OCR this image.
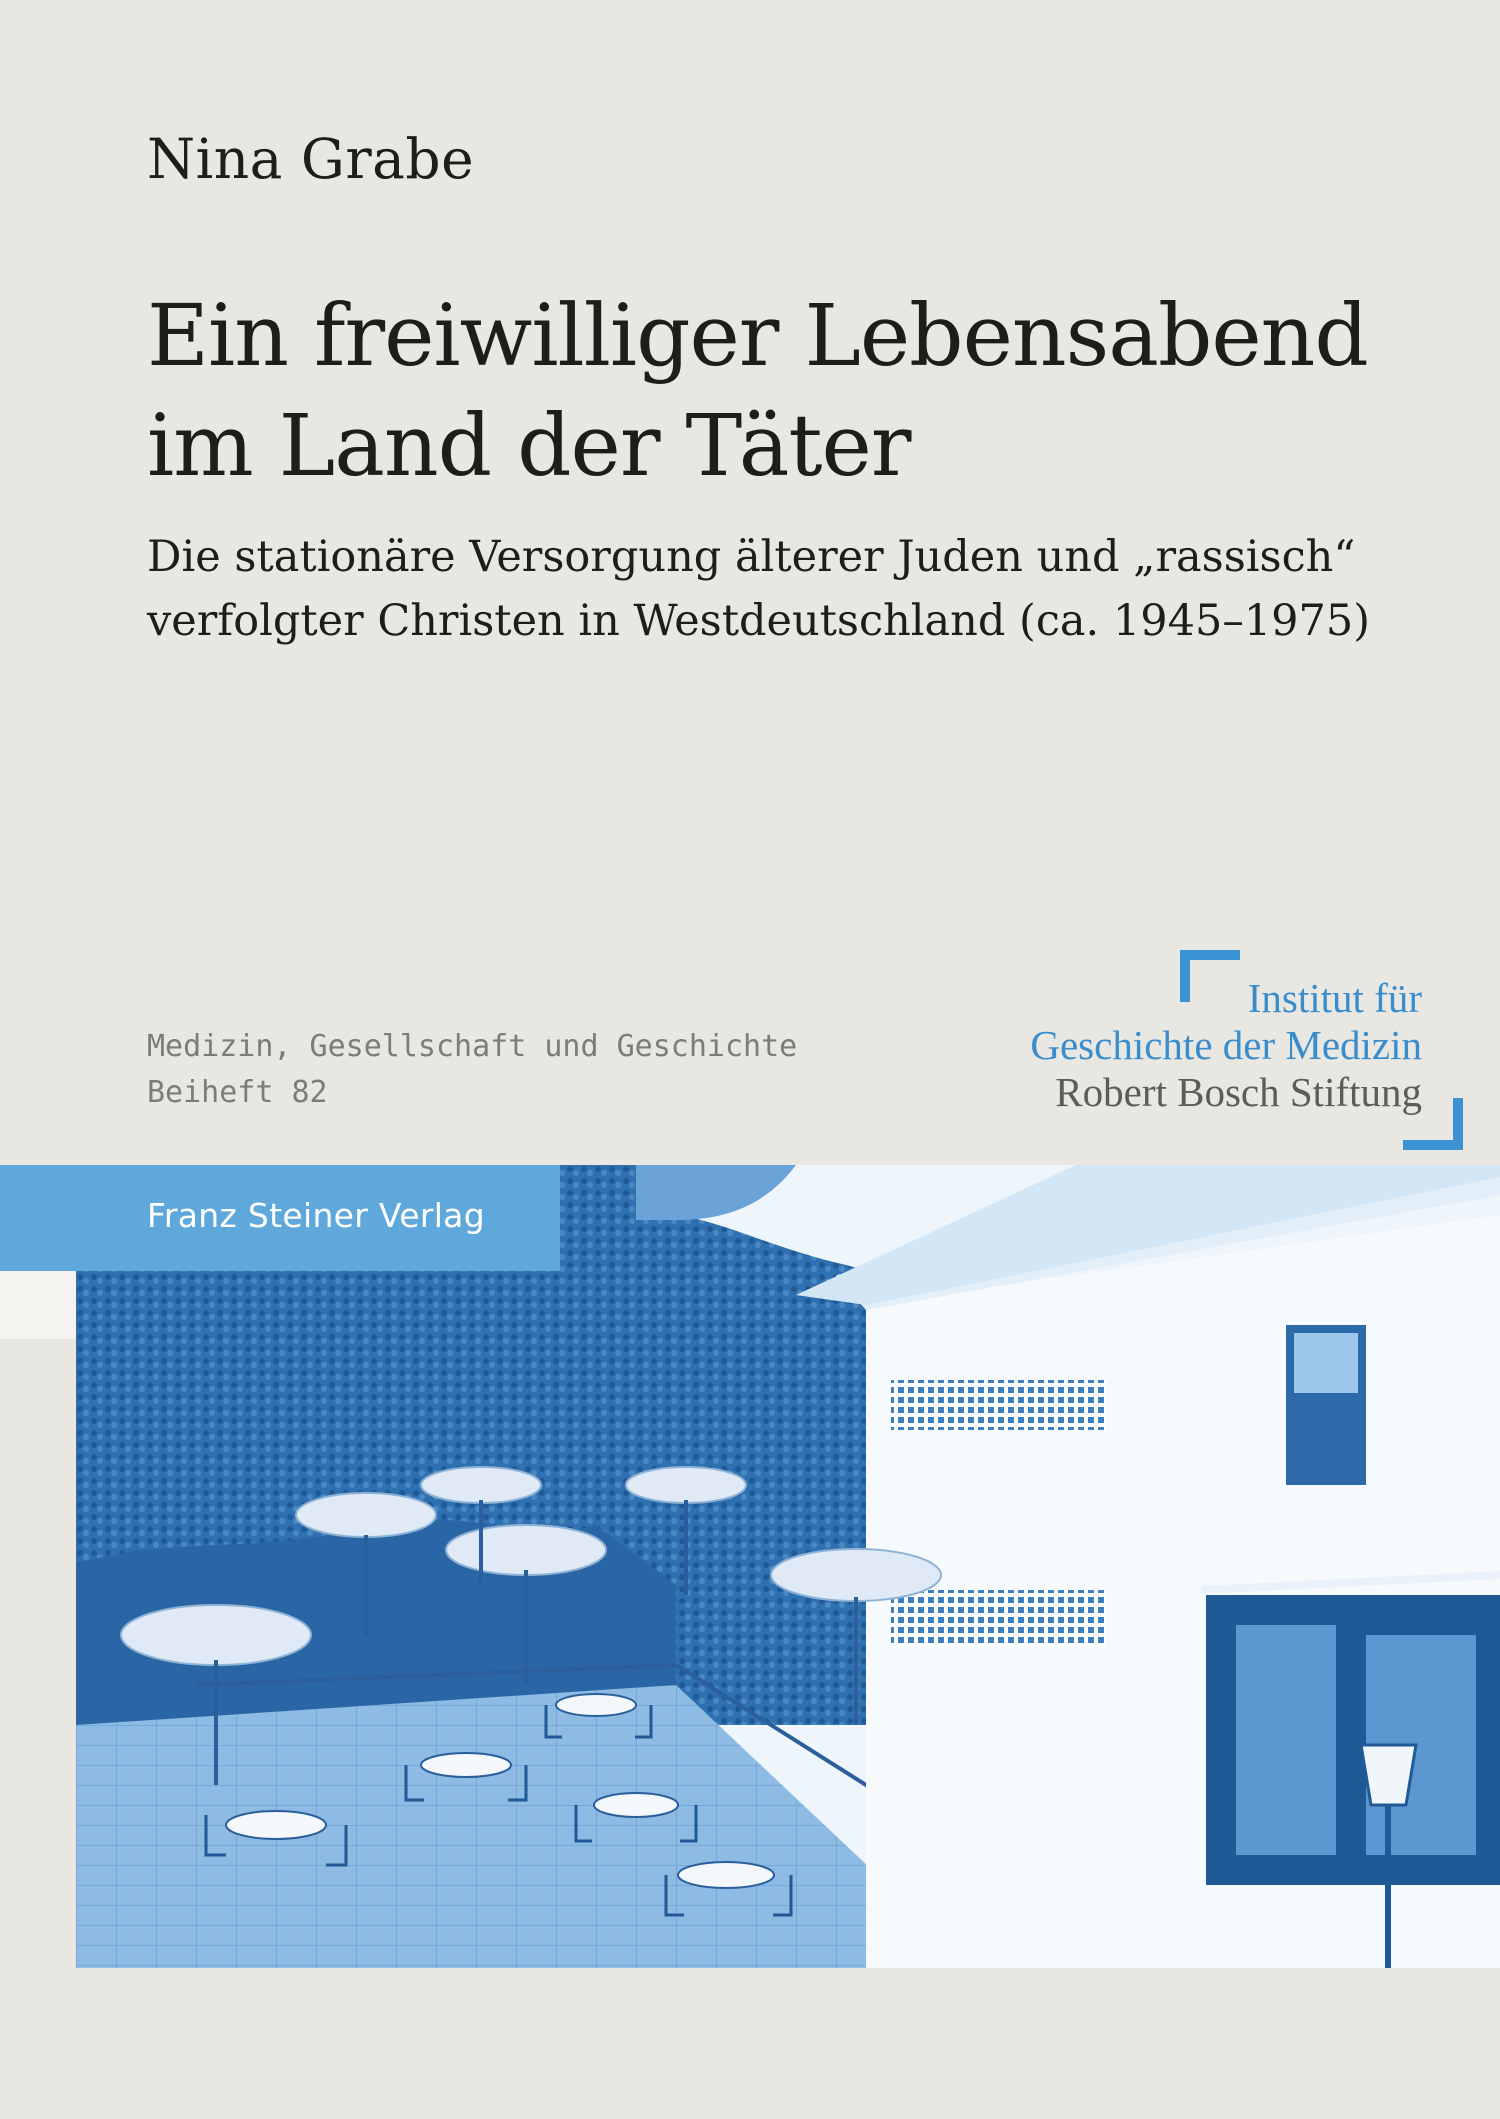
Nina Grabe
Ein freiwilliger Lebensabend
im Land der Täter
Die stationäre Versorgung älterer Juden und „rassisch“
verfolgter Christen in Westdeutschland (ca. 1945–1975)
Medizin, Gesellschaft und Geschichte
Beiheft 82
Institut für
Geschichte der Medizin
Robert Bosch Stiftung
Franz Steiner Verlag
